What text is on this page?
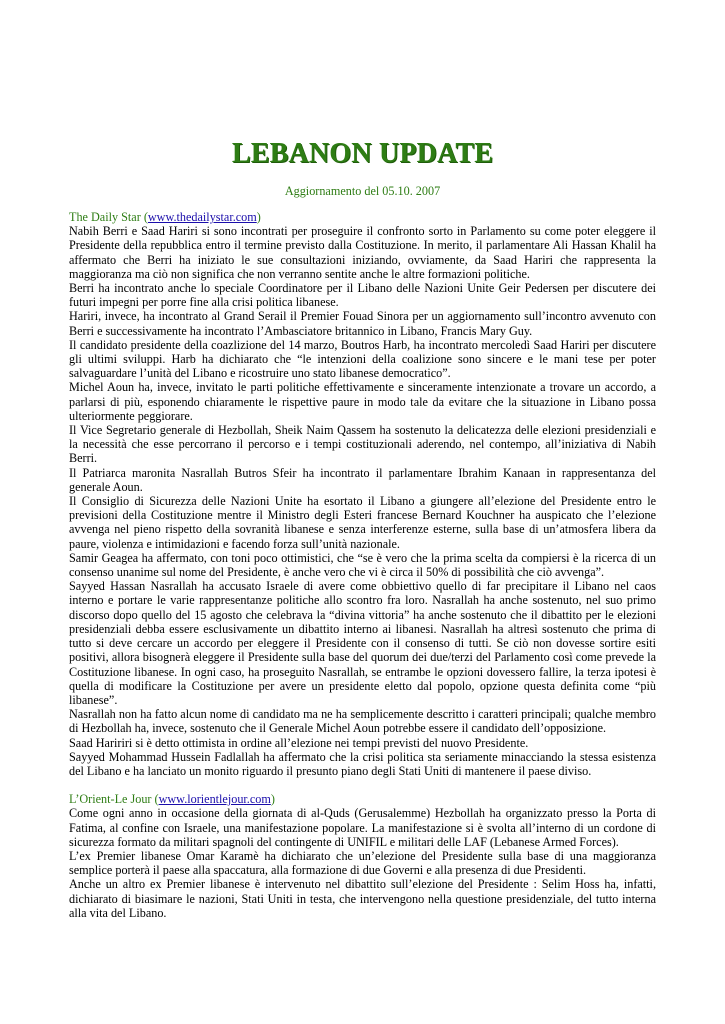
LEBANON UPDATE
Aggiornamento del 05.10. 2007

The Daily Star (www.thedailystar.com)

Nabih Berri e Saad Hariri si sono incontrati per proseguire il confronto sorto in Parlamento su come poter eleggere il Presidente della repubblica entro il termine previsto dalla Costituzione. In merito, il parlamentare Ali Hassan Khalil ha affermato che Berri ha iniziato le sue consultazioni iniziando, ovviamente, da Saad Hariri che rappresenta la maggioranza ma ciò non significa che non verranno sentite anche le altre formazioni politiche.

Berri ha incontrato anche lo speciale Coordinatore per il Libano delle Nazioni Unite Geir Pedersen per discutere dei futuri impegni per porre fine alla crisi politica libanese.

Hariri, invece, ha incontrato al Grand Serail il Premier Fouad Sinora per un aggiornamento sull’incontro avvenuto con Berri e successivamente ha incontrato l’Ambasciatore britannico in Libano, Francis Mary Guy.

Il candidato presidente della coazlizione del 14 marzo, Boutros Harb, ha incontrato mercoledì Saad Hariri per discutere gli ultimi sviluppi. Harb ha dichiarato che “le intenzioni della coalizione sono sincere e le mani tese per poter salvaguardare l’unità del Libano e ricostruire uno stato libanese democratico”.

Michel Aoun ha, invece, invitato le parti politiche effettivamente e sinceramente intenzionate a trovare un accordo, a parlarsi di più, esponendo chiaramente le rispettive paure in modo tale da evitare che la situazione in Libano possa ulteriormente peggiorare.

Il Vice Segretario generale di Hezbollah, Sheik Naim Qassem ha sostenuto la delicatezza delle elezioni presidenziali e la necessità che esse percorrano il percorso e i tempi costituzionali aderendo, nel contempo, all’iniziativa di Nabih Berri.

Il Patriarca maronita Nasrallah Butros Sfeir ha incontrato il parlamentare Ibrahim Kanaan in rappresentanza del generale Aoun.

Il Consiglio di Sicurezza delle Nazioni Unite ha esortato il Libano a giungere all’elezione del Presidente entro le previsioni della Costituzione mentre il Ministro degli Esteri francese Bernard Kouchner ha auspicato che l’elezione avvenga nel pieno rispetto della sovranità libanese e senza interferenze esterne, sulla base di un’atmosfera libera da paure, violenza e intimidazioni e facendo forza sull’unità nazionale.

Samir Geagea ha affermato, con toni poco ottimistici, che “se è vero che la prima scelta da compiersi è la ricerca di un consenso unanime sul nome del Presidente, è anche vero che vi è circa il 50% di possibilità che ciò avvenga”.

Sayyed Hassan Nasrallah ha accusato Israele di avere come obbiettivo quello di far precipitare il Libano nel caos interno e portare le varie rappresentanze politiche allo scontro fra loro. Nasrallah ha anche sostenuto, nel suo primo discorso dopo quello del 15 agosto che celebrava la “divina vittoria” ha anche sostenuto che il dibattito per le elezioni presidenziali debba essere esclusivamente un dibattito interno ai libanesi. Nasrallah ha altresì sostenuto che prima di tutto si deve cercare un accordo per eleggere il Presidente con il consenso di tutti. Se ciò non dovesse sortire esiti positivi, allora bisognerà eleggere il Presidente sulla base del quorum dei due/terzi del Parlamento così come prevede la Costituzione libanese. In ogni caso, ha proseguito Nasrallah, se entrambe le opzioni dovessero fallire, la terza ipotesi è quella di modificare la Costituzione per avere un presidente eletto dal popolo, opzione questa definita come “più libanese”.

Nasrallah non ha fatto alcun nome di candidato ma ne ha semplicemente descritto i caratteri principali; qualche membro di Hezbollah ha, invece, sostenuto che il Generale Michel Aoun potrebbe essere il candidato dell’opposizione.

Saad Haririri si è detto ottimista in ordine all’elezione nei tempi previsti del nuovo Presidente.

Sayyed Mohammad Hussein Fadlallah ha affermato che la crisi politica sta seriamente minacciando la stessa esistenza del Libano e ha lanciato un monito riguardo il presunto piano degli Stati Uniti di mantenere il paese diviso.

L’Orient-Le Jour (www.lorientlejour.com)

Come ogni anno in occasione della giornata di al-Quds (Gerusalemme) Hezbollah ha organizzato presso la Porta di Fatima, al confine con Israele, una manifestazione popolare. La manifestazione si è svolta all’interno di un cordone di sicurezza formato da militari spagnoli del contingente di UNIFIL e militari delle LAF (Lebanese Armed Forces).

L’ex Premier libanese Omar Karamè ha dichiarato che un’elezione del Presidente sulla base di una maggioranza semplice porterà il paese alla spaccatura, alla formazione di due Governi e alla presenza di due Presidenti.

Anche un altro ex Premier libanese è intervenuto nel dibattito sull’elezione del Presidente : Selim Hoss ha, infatti, dichiarato di biasimare le nazioni, Stati Uniti in testa, che intervengono nella questione presidenziale, del tutto interna alla vita del Libano.
